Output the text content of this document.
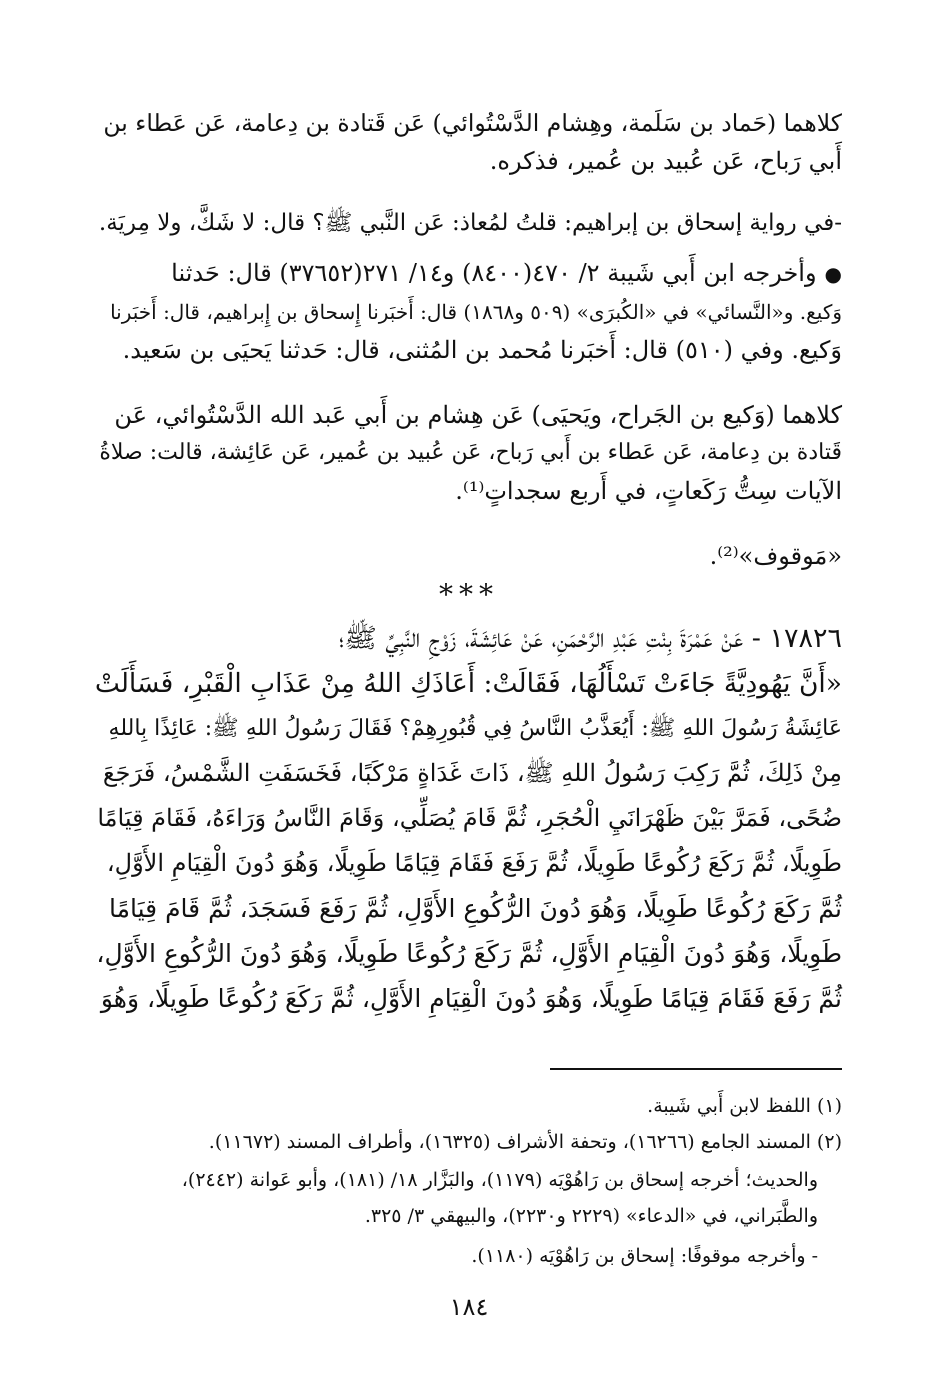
كلاهما (حَماد بن سَلَمة، وهِشام الدَّسْتُوائي) عَن قَتادة بن دِعامة، عَن عَطاء بن
أَبي رَباح، عَن عُبيد بن عُمير، فذكره.
-في رواية إسحاق بن إبراهيم: قلتُ لمُعاذ: عَن النَّبي ﷺ؟ قال: لا شَكَّ، ولا مِريَة.
●وأخرجه ابن أَبي شَيبة ٢/ ٤٧٠(٨٤٠٠) و١٤/ ٢٧١(٣٧٦٥٢) قال: حَدثنا
وَكيع. و«النَّسائي» في «الكُبرَى» (٥٠٩ و١٨٦٨) قال: أَخبَرنا إِسحاق بن إِبراهيم، قال: أَخبَرنا
وَكيع. وفي (٥١٠) قال: أَخبَرنا مُحمد بن المُثنى، قال: حَدثنا يَحيَى بن سَعيد.
كلاهما (وَكيع بن الجَراح، ويَحيَى) عَن هِشام بن أَبي عَبد الله الدَّسْتُوائي، عَن
قَتادة بن دِعامة، عَن عَطاء بن أَبي رَباح، عَن عُبيد بن عُمير، عَن عَائِشة، قالت: صلاةُ
الآيات سِتُّ رَكَعاتٍ، في أَربع سجداتٍ⁽¹⁾.
«مَوقوف»⁽²⁾.
***
١٧٨٢٦ - عَنْ عَمْرَةَ بِنْتِ عَبْدِ الرَّحْمَنِ، عَنْ عَائِشَةَ، زَوْجِ النَّبِيِّ ﷺ؛
«أَنَّ يَهُودِيَّةً جَاءَتْ تَسْأَلُهَا، فَقَالَتْ: أَعَاذَكِ اللهُ مِنْ عَذَابِ الْقَبْرِ، فَسَأَلَتْ
عَائِشَةُ رَسُولَ اللهِ ﷺ: أَيُعَذَّبُ النَّاسُ فِي قُبُورِهِمْ؟ فَقَالَ رَسُولُ اللهِ ﷺ: عَائِذًا بِاللهِ
مِنْ ذَلِكَ، ثُمَّ رَكِبَ رَسُولُ اللهِ ﷺ، ذَاتَ غَدَاةٍ مَرْكَبًا، فَخَسَفَتِ الشَّمْسُ، فَرَجَعَ
ضُحًى، فَمَرَّ بَيْنَ ظَهْرَانَيِ الْحُجَرِ، ثُمَّ قَامَ يُصَلِّي، وَقَامَ النَّاسُ وَرَاءَهُ، فَقَامَ قِيَامًا
طَوِيلًا، ثُمَّ رَكَعَ رُكُوعًا طَوِيلًا، ثُمَّ رَفَعَ فَقَامَ قِيَامًا طَوِيلًا، وَهُوَ دُونَ الْقِيَامِ الأَوَّلِ،
ثُمَّ رَكَعَ رُكُوعًا طَوِيلًا، وَهُوَ دُونَ الرُّكُوعِ الأَوَّلِ، ثُمَّ رَفَعَ فَسَجَدَ، ثُمَّ قَامَ قِيَامًا
طَوِيلًا، وَهُوَ دُونَ الْقِيَامِ الأَوَّلِ، ثُمَّ رَكَعَ رُكُوعًا طَوِيلًا، وَهُوَ دُونَ الرُّكُوعِ الأَوَّلِ،
ثُمَّ رَفَعَ فَقَامَ قِيَامًا طَوِيلًا، وَهُوَ دُونَ الْقِيَامِ الأَوَّلِ، ثُمَّ رَكَعَ رُكُوعًا طَوِيلًا، وَهُوَ
(١) اللفظ لابن أَبي شَيبة.
(٢) المسند الجامع (١٦٢٦٦)، وتحفة الأشراف (١٦٣٢٥)، وأطراف المسند (١١٦٧٢).
والحديث؛ أخرجه إسحاق بن رَاهُوْيَه (١١٧٩)، والبَزَّار ١٨/ (١٨١)، وأبو عَوانة (٢٤٤٢)،
والطَّبَراني، في «الدعاء» (٢٢٢٩ و٢٢٣٠)، والبيهقي ٣/ ٣٢٥.
- وأخرجه موقوفًا: إسحاق بن رَاهُوْيَه (١١٨٠).
١٨٤
